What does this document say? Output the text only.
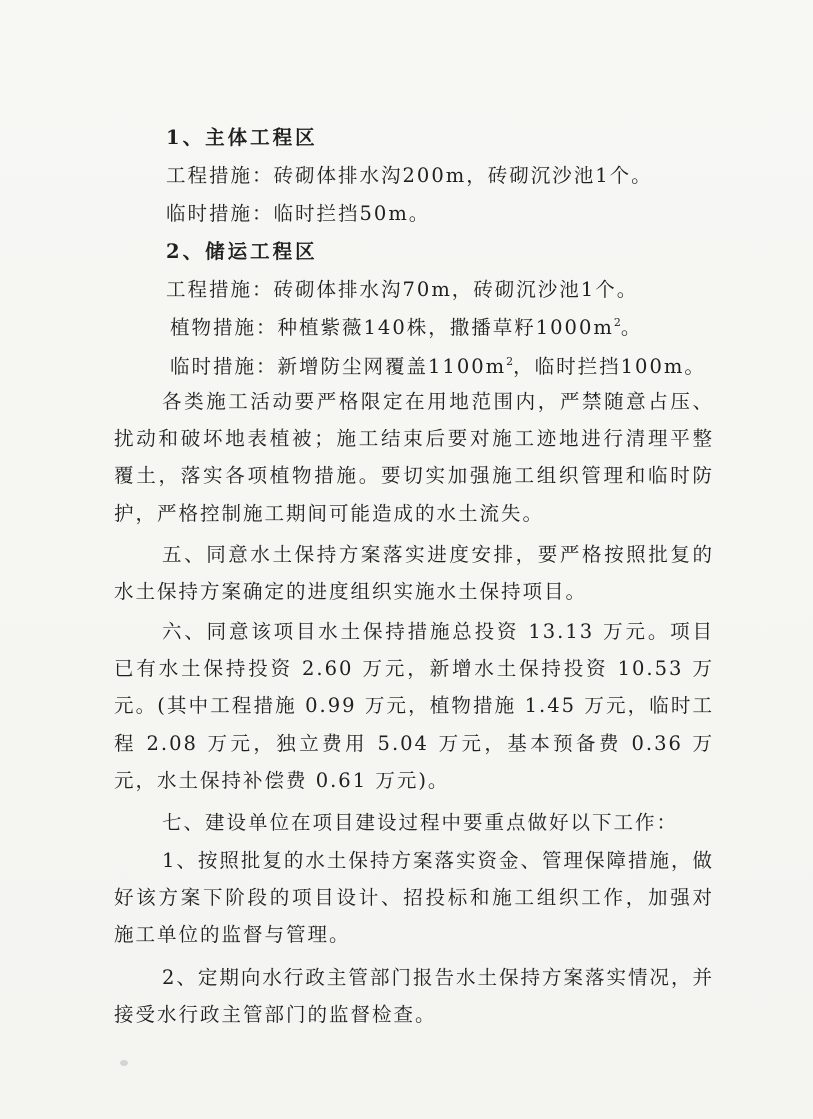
1、主体工程区
工程措施：砖砌体排水沟200m，砖砌沉沙池1个。
临时措施：临时拦挡50m。
2、储运工程区
工程措施：砖砌体排水沟70m，砖砌沉沙池1个。
植物措施：种植紫薇140株，撒播草籽$1000m^2$。
临时措施：新增防尘网覆盖$1100m^2$，临时拦挡100m。
各类施工活动要严格限定在用地范围内，严禁随意占压、扰动和破坏地表植被；施工结束后要对施工迹地进行清理平整覆土，落实各项植物措施。要切实加强施工组织管理和临时防护，严格控制施工期间可能造成的水土流失。
五、同意水土保持方案落实进度安排，要严格按照批复的水土保持方案确定的进度组织实施水土保持项目。
六、同意该项目水土保持措施总投资 13.13 万元。项目已有水土保持投资 2.60 万元，新增水土保持投资 10.53 万元。(其中工程措施 0.99 万元，植物措施 1.45 万元，临时工程 2.08 万元，独立费用 5.04 万元，基本预备费 0.36 万元，水土保持补偿费 0.61 万元)。
七、建设单位在项目建设过程中要重点做好以下工作：
1、按照批复的水土保持方案落实资金、管理保障措施，做好该方案下阶段的项目设计、招投标和施工组织工作，加强对施工单位的监督与管理。
2、定期向水行政主管部门报告水土保持方案落实情况，并接受水行政主管部门的监督检查。
